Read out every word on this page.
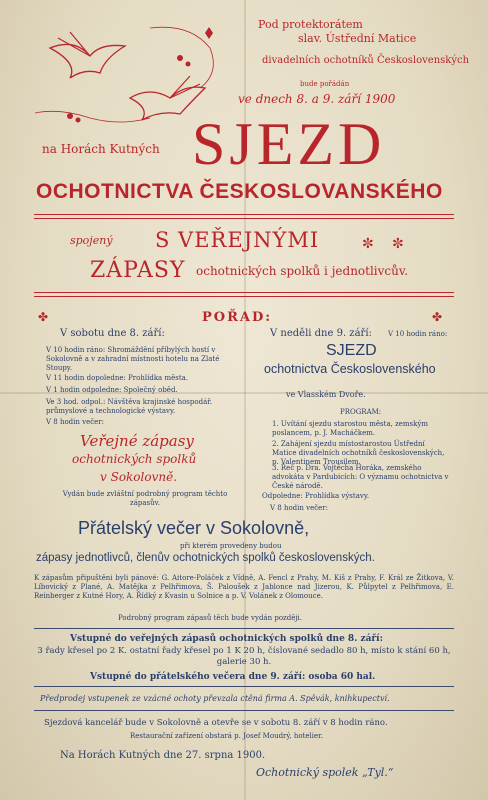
Pod protektorátem
slav. Ústřední Matice
divadelních ochotníků Československých
bude pořádán
ve dnech 8. a 9. září 1900
na Horách Kutných SJEZD
OCHOTNICTVA ČESKOSLOVANSKÉHO
spojený S VEŘEJNÝMI	✼ ✼
ZÁPASY ochotnických spolků i jednotlivcův.
✤	POŘAD:	✤
V sobotu dne 8. září:
V 10 hodin ráno: Shromáždění příbylých hostí v Sokolovně a v zahradní místnosti hotelu na Zlaté Stoupy.
V 11 hodin dopoledne: Prohlídka města.
V 1 hodin odpoledne: Společný oběd.
Ve 3 hod. odpol.: Návštěva krajinské hospodář. průmyslové a technologické výstavy.
V 8 hodin večer:
Veřejné zápasy
ochotnických spolků
v Sokolovně.
Vydán bude zvláštní podrobný program těchto zápasův.
V neděli dne 9. září: V 10 hodin ráno:
SJEZD
ochotnictva Československého
ve Vlasském Dvoře.
PROGRAM:
1. Uvítání sjezdu starostou města, zemským poslancem, p. J. Macháčkem.
2. Zahájení sjezdu místostarostou Ústřední Matice divadelních ochotníků československých, p. Valentinem Trousilem.
3. Řeč p. Dra. Vojtěcha Horáka, zemského advokáta v Pardubicích: O významu ochotnictva v České národě.
Odpoledne: Prohlídka výstavy.
V 8 hodin večer:
Přátelský večer v Sokolovně,
při kterém provedeny budou
zápasy jednotlivců, členův ochotnických spolků československých.
K zápasům připuštěni byli pánové: G. Aitore-Poláček z Vídně, A. Fencl z Prahy, M. Kiš z Prahy, F. Král ze Žitkova, V. Líbovický z Plané, A. Matějka z Pelhřimova, Š. Paloušek z Jablonce nad Jizerou, K. Půlpytel z Pelhřimova, E. Reinberger z Kutné Hory, A. Řídký z Kvasin u Solnice a p. V. Volánek z Olomouce.
Podrobný program zápasů těch bude vydán později.
Vstupné do veřejných zápasů ochotnických spolků dne 8. září:
3 řady křesel po 2 K. ostatní řady křesel po 1 K 20 h, číslované sedadlo 80 h, místo k stání 60 h, galerie 30 h.
Vstupné do přátelského večera dne 9. září: osoba 60 hal.
Předprodej vstupenek ze vzácné ochoty převzala ctěná firma A. Spěvák, knihkupectví.
Sjezdová kancelář bude v Sokolovně a otevře se v sobotu 8. září v 8 hodin ráno.
Restaurační zařízení obstará p. Josef Moudrý, hotelier.
Na Horách Kutných dne 27. srpna 1900.
Ochotnický spolek „Tyl.“
